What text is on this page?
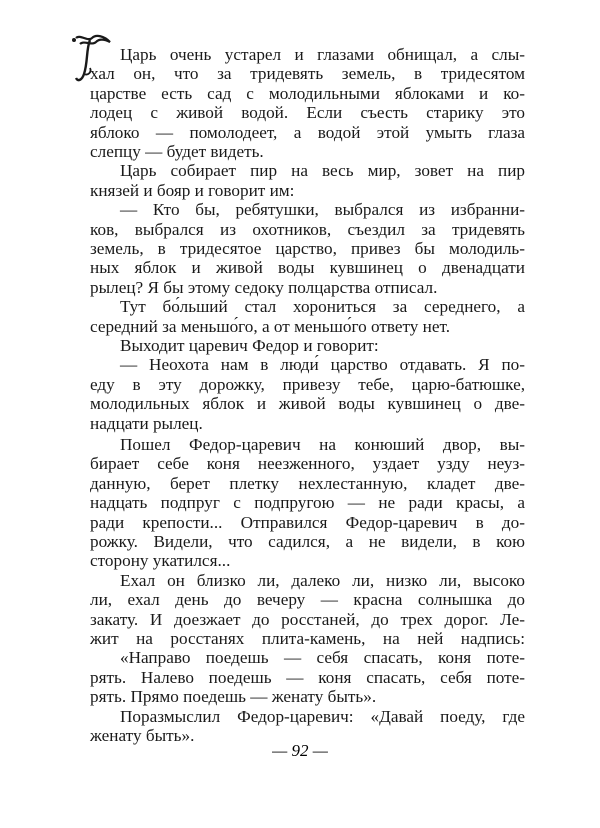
Царь очень устарел и глазами обнищал, а слы-
хал он, что за тридевять земель, в тридесятом
царстве есть сад с молодильными яблоками и ко-
лодец с живой водой. Если съесть старику это
яблоко — помолодеет, а водой этой умыть глаза
слепцу — будет видеть.
Царь собирает пир на весь мир, зовет на пир
князей и бояр и говорит им:
— Кто бы, ребятушки, выбрался из избранни-
ков, выбрался из охотников, съездил за тридевять
земель, в тридесятое царство, привез бы молодиль-
ных яблок и живой воды кувшинец о двенадцати
рылец? Я бы этому седоку полцарства отписал.
Тут бо́льший стал хорониться за середнего, а
середний за меньшо́го, а от меньшо́го ответу нет.
Выходит царевич Федор и говорит:
— Неохота нам в люди́ царство отдавать. Я по-
еду в эту дорожку, привезу тебе, царю-батюшке,
молодильных яблок и живой воды кувшинец о две-
надцати рылец.
Пошел Федор-царевич на конюший двор, вы-
бирает себе коня неезженного, уздает узду неуз-
данную, берет плетку нехлестанную, кладет две-
надцать подпруг с подпругою — не ради красы, а
ради крепости... Отправился Федор-царевич в до-
рожку. Видели, что садился, а не видели, в кою
сторону укатился...
Ехал он близко ли, далеко ли, низко ли, высоко
ли, ехал день до вечеру — красна солнышка до
закату. И доезжает до росстаней, до трех дорог. Ле-
жит на росстанях плита-камень, на ней надпись:
«Направо поедешь — себя спасать, коня поте-
рять. Налево поедешь — коня спасать, себя поте-
рять. Прямо поедешь — женату быть».
Поразмыслил Федор-царевич: «Давай поеду, где
женату быть».
— 92 —
